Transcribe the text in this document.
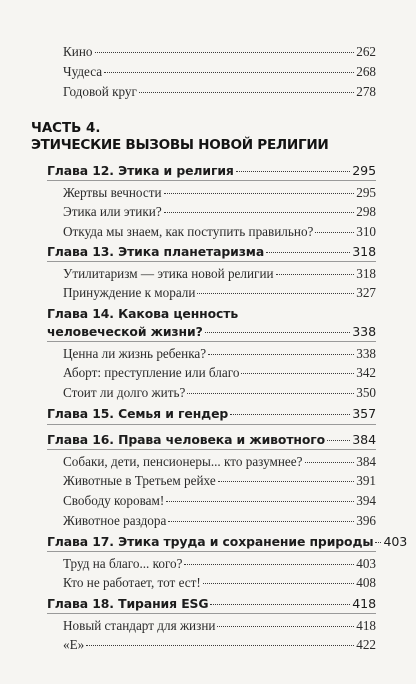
Кино	262
Чудеса	268
Годовой круг	278
ЧАСТЬ 4.
ЭТИЧЕСКИЕ ВЫЗОВЫ НОВОЙ РЕЛИГИИ
Глава 12. Этика и религия	295
Жертвы вечности	295
Этика или этики?	298
Откуда мы знаем, как поступить правильно?	310
Глава 13. Этика планетаризма	318
Утилитаризм — этика новой религии	318
Принуждение к морали	327
Глава 14. Какова ценность
человеческой жизни?	338
Ценна ли жизнь ребенка?	338
Аборт: преступление или благо	342
Стоит ли долго жить?	350
Глава 15. Семья и гендер	357
Глава 16. Права человека и животного 384
Собаки, дети, пенсионеры... кто разумнее?	384
Животные в Третьем рейхе	391
Свободу коровам!	394
Животное раздора	396
Глава 17. Этика труда и сохранение природы 403
Труд на благо... кого?	403
Кто не работает, тот ест!	408
Глава 18. Тирания ESG	418
Новый стандарт для жизни	418
«Е»	422
